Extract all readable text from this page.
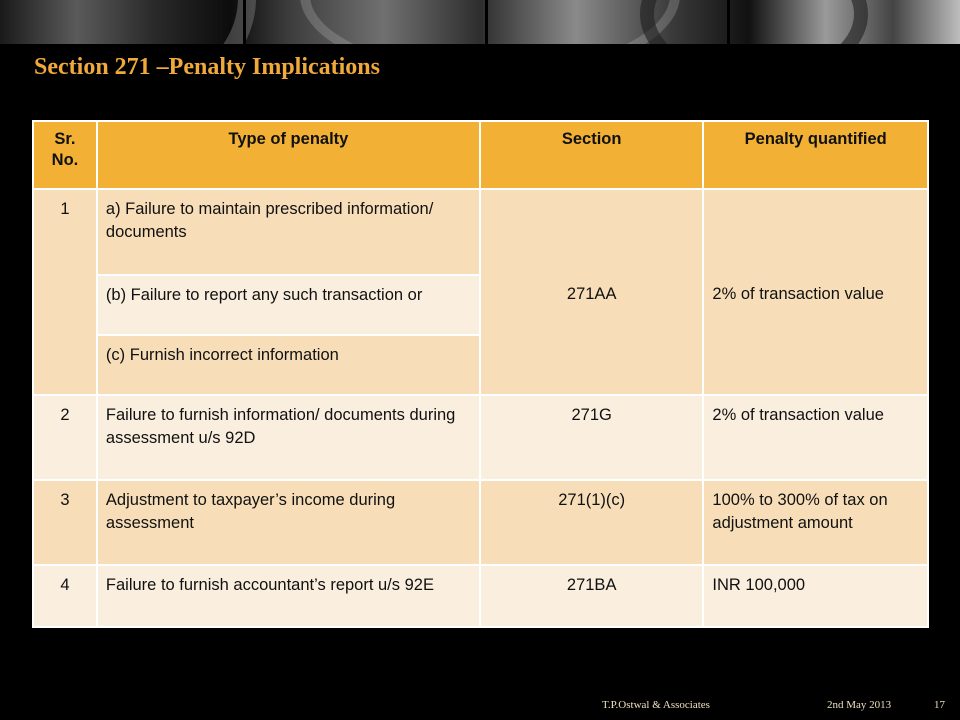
Section 271 –Penalty Implications
Sr. No.	Type of penalty	Section	Penalty quantified
1	a) Failure to maintain prescribed information/ documents	271AA	2% of transaction value
	(b) Failure to report any such transaction or		
	(c) Furnish incorrect information		
2	Failure to furnish information/ documents during assessment u/s 92D	271G	2% of transaction value
3	Adjustment to taxpayer’s income during assessment	271(1)(c)	100% to 300% of tax on adjustment amount
4	Failure to furnish accountant’s report u/s 92E	271BA	INR 100,000
T.P.Ostwal & Associates	2nd May 2013	17
